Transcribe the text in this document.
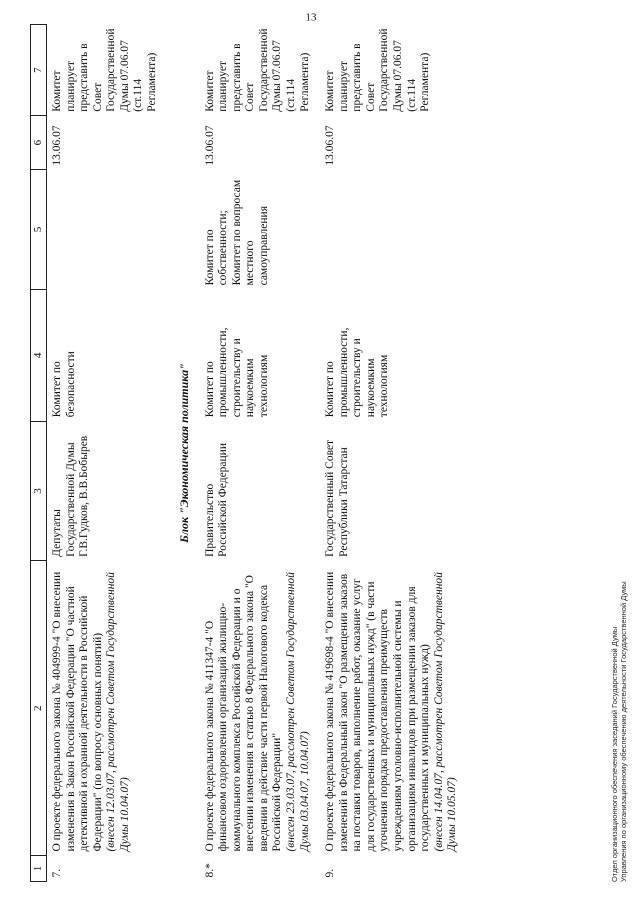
13
1	2	3	4	5	6	7
7.	О проекте федерального закона № 404999-4 "О внесении изменения в Закон Российской Федерации "О частной детективной и охранной деятельности в Российской Федерации" (по вопросу основных понятий) (внесен 12.03.07, рассмотрен Советом Государственной Думы 10.04.07)	Депутаты Государственной Думы Г.В.Гудков, В.В.Бобырев	Комитет по безопасности		13.06.07	Комитет планирует представить в Совет Государственной Думы 07.06.07 (ст.114 Регламента)
Блок "Экономическая политика"						
8.*	О проекте федерального закона № 411347-4 "О финансовом оздоровлении организаций жилищно-коммунального комплекса Российской Федерации и о внесении изменения в статью 8 Федерального закона "О введении в действие части первой Налогового кодекса Российской Федерации" (внесен 23.03.07, рассмотрен Советом Государственной Думы 03.04.07, 10.04.07)	Правительство Российской Федерации	Комитет по промышленности, строительству и наукоемким технологиям	Комитет по собственности; Комитет по вопросам местного самоуправления	13.06.07	Комитет планирует представить в Совет Государственной Думы 07.06.07 (ст.114 Регламента)
9.	О проекте федерального закона № 419698-4 "О внесении изменений в Федеральный закон "О размещении заказов на поставки товаров, выполнение работ, оказание услуг для государственных и муниципальных нужд" (в части уточнения порядка предоставления преимуществ учреждениям уголовно-исполнительной системы и организациям инвалидов при размещении заказов для государственных и муниципальных нужд) (внесен 14.04.07, рассмотрен Советом Государственной Думы 10.05.07)	Государственный Совет Республики Татарстан	Комитет по промышленности, строительству и наукоемким технологиям		13.06.07	Комитет планирует представить в Совет Государственной Думы 07.06.07 (ст.114 Регламента)
Отдел организационного обеспечения заседаний Государственной Думы Управления по организационному обеспечению деятельности Государственной Думы
